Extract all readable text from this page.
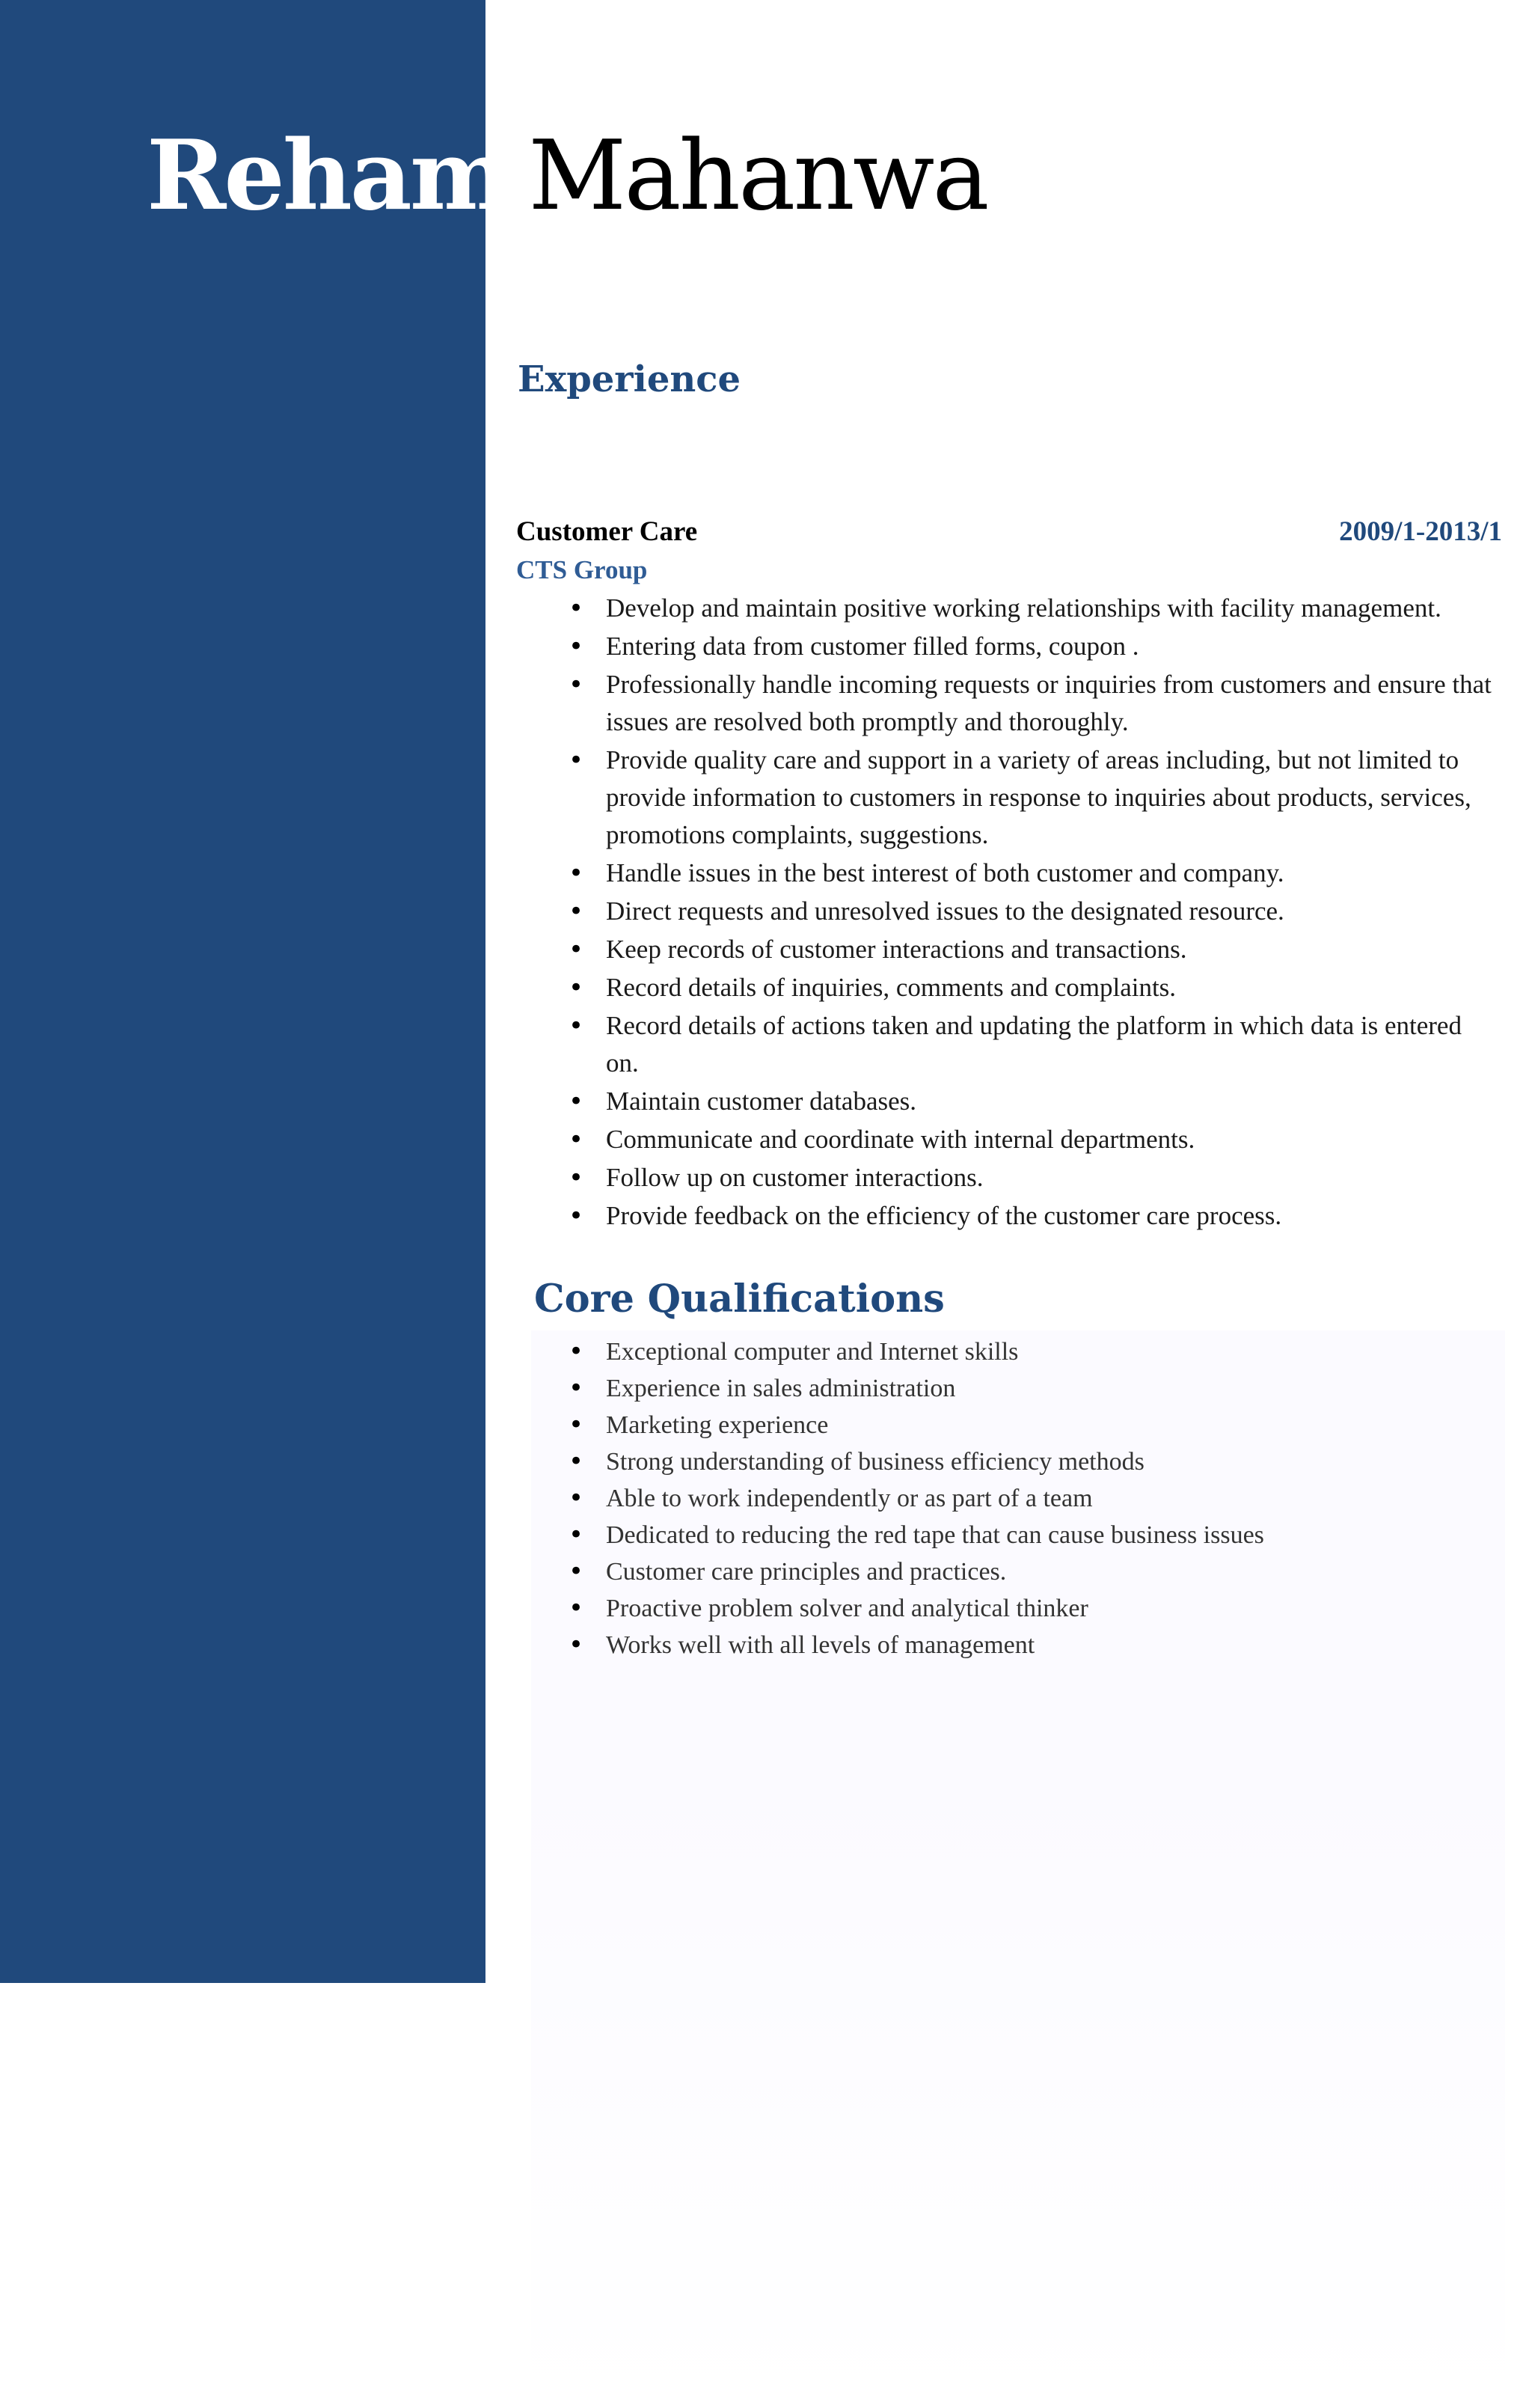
Reham Mahanwa
Experience
Customer Care	2009/1-2013/1
CTS Group
• Develop and maintain positive working relationships with facility management.
• Entering data from customer filled forms, coupon .
• Professionally handle incoming requests or inquiries from customers and ensure that issues are resolved both promptly and thoroughly.
• Provide quality care and support in a variety of areas including, but not limited to provide information to customers in response to inquiries about products, services, promotions complaints, suggestions.
• Handle issues in the best interest of both customer and company.
• Direct requests and unresolved issues to the designated resource.
• Keep records of customer interactions and transactions.
• Record details of inquiries, comments and complaints.
• Record details of actions taken and updating the platform in which data is entered on.
• Maintain customer databases.
• Communicate and coordinate with internal departments.
• Follow up on customer interactions.
• Provide feedback on the efficiency of the customer care process.
Core Qualifications
• Exceptional computer and Internet skills
• Experience in sales administration
• Marketing experience
• Strong understanding of business efficiency methods
• Able to work independently or as part of a team
• Dedicated to reducing the red tape that can cause business issues
• Customer care principles and practices.
• Proactive problem solver and analytical thinker
• Works well with all levels of management
